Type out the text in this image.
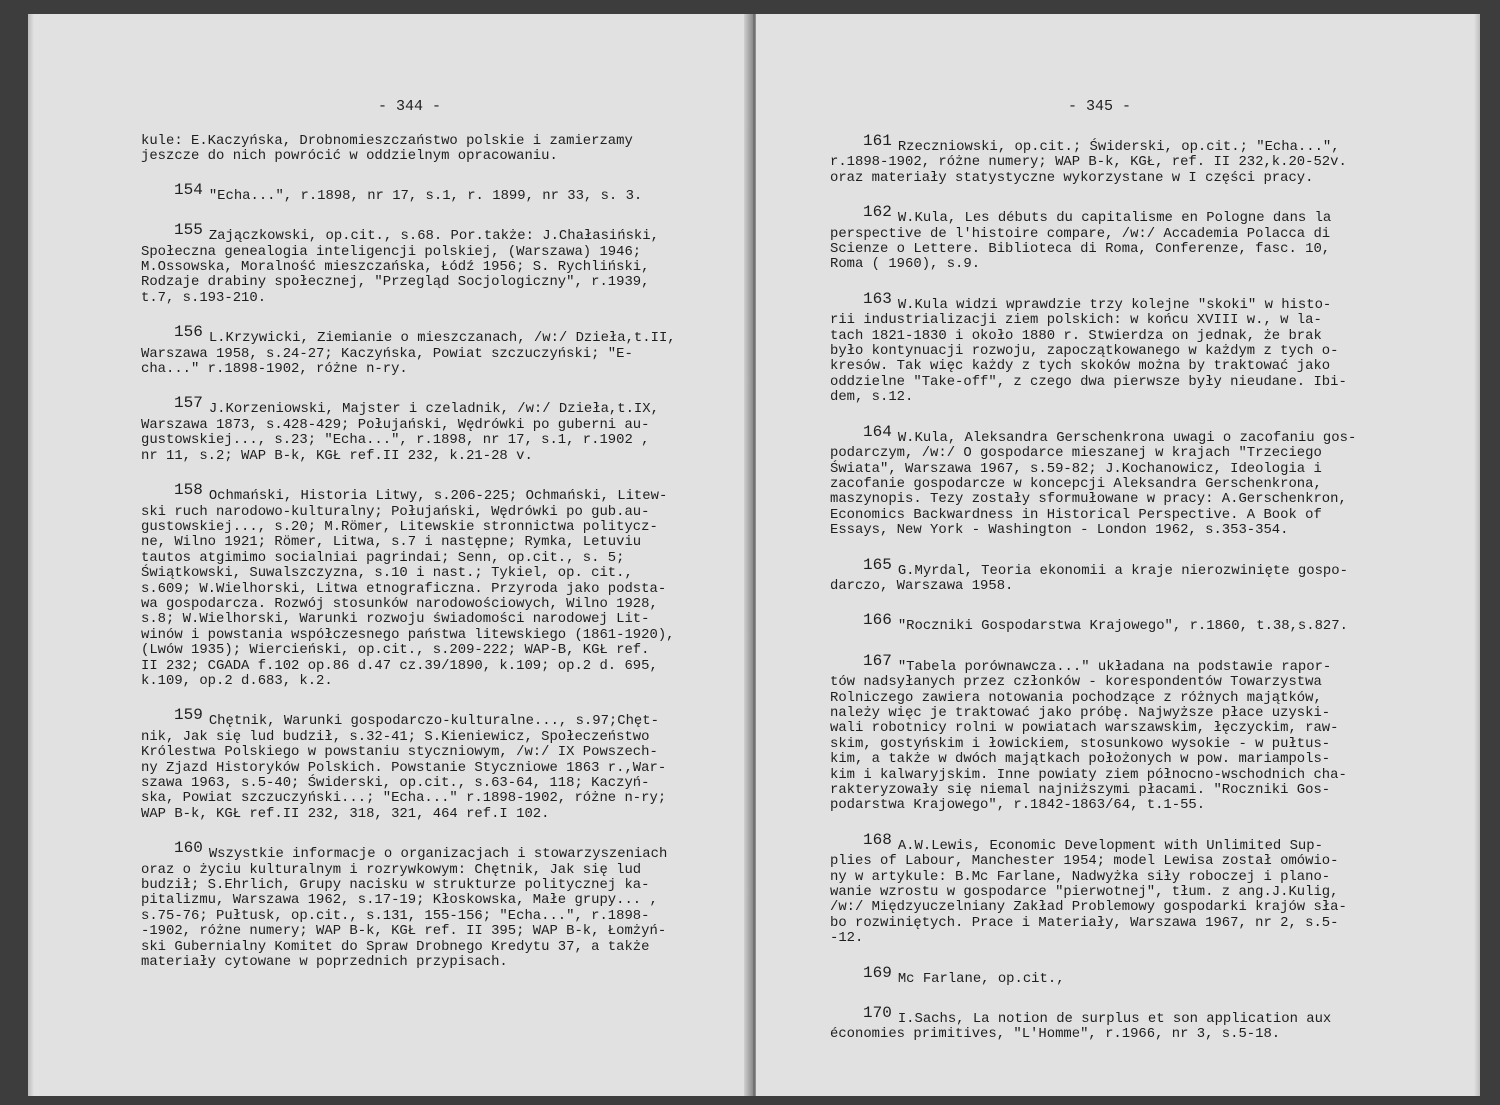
- 344 -
kule: E.Kaczyńska, Drobnomieszczaństwo polskie i zamierzamy
jeszcze do nich powrócić w oddzielnym opracowaniu.
154 "Echa...", r.1898, nr 17, s.1, r. 1899, nr 33, s. 3.
155 Zajączkowski, op.cit., s.68. Por.także: J.Chałasiński,
Społeczna genealogia inteligencji polskiej, (Warszawa) 1946;
M.Ossowska, Moralność mieszczańska, Łódź 1956; S. Rychliński,
Rodzaje drabiny społecznej, "Przegląd Socjologiczny", r.1939,
t.7, s.193-210.
156 L.Krzywicki, Ziemianie o mieszczanach, /w:/ Dzieła,t.II,
Warszawa 1958, s.24-27; Kaczyńska, Powiat szczuczyński; "E-
cha..." r.1898-1902, różne n-ry.
157 J.Korzeniowski, Majster i czeladnik, /w:/ Dzieła,t.IX,
Warszawa 1873, s.428-429; Połujański, Wędrówki po guberni au-
gustowskiej..., s.23; "Echa...", r.1898, nr 17, s.1, r.1902 ,
nr 11, s.2; WAP B-k, KGŁ ref.II 232, k.21-28 v.
158 Ochmański, Historia Litwy, s.206-225; Ochmański, Litew-
ski ruch narodowo-kulturalny; Połujański, Wędrówki po gub.au-
gustowskiej..., s.20; M.Römer, Litewskie stronnictwa politycz-
ne, Wilno 1921; Römer, Litwa, s.7 i następne; Rymka, Letuviu
tautos atgimimo socialniai pagrindai; Senn, op.cit., s. 5;
Świątkowski, Suwalszczyzna, s.10 i nast.; Tykiel, op. cit.,
s.609; W.Wielhorski, Litwa etnograficzna. Przyroda jako podsta-
wa gospodarcza. Rozwój stosunków narodowościowych, Wilno 1928,
s.8; W.Wielhorski, Warunki rozwoju świadomości narodowej Lit-
winów i powstania współczesnego państwa litewskiego (1861-1920),
(Lwów 1935); Wiercieński, op.cit., s.209-222; WAP-B, KGŁ ref.
II 232; CGADA f.102 op.86 d.47 cz.39/1890, k.109; op.2 d. 695,
k.109, op.2 d.683, k.2.
159 Chętnik, Warunki gospodarczo-kulturalne..., s.97;Chęt-
nik, Jak się lud budził, s.32-41; S.Kieniewicz, Społeczeństwo
Królestwa Polskiego w powstaniu styczniowym, /w:/ IX Powszech-
ny Zjazd Historyków Polskich. Powstanie Styczniowe 1863 r.,War-
szawa 1963, s.5-40; Świderski, op.cit., s.63-64, 118; Kaczyń-
ska, Powiat szczuczyński...; "Echa..." r.1898-1902, różne n-ry;
WAP B-k, KGŁ ref.II 232, 318, 321, 464 ref.I 102.
160 Wszystkie informacje o organizacjach i stowarzyszeniach
oraz o życiu kulturalnym i rozrywkowym: Chętnik, Jak się lud
budził; S.Ehrlich, Grupy nacisku w strukturze politycznej ka-
pitalizmu, Warszawa 1962, s.17-19; Kłoskowska, Małe grupy... ,
s.75-76; Pułtusk, op.cit., s.131, 155-156; "Echa...", r.1898-
-1902, różne numery; WAP B-k, KGŁ ref. II 395; WAP B-k, Łomżyń-
ski Gubernialny Komitet do Spraw Drobnego Kredytu 37, a także
materiały cytowane w poprzednich przypisach.
- 345 -
161 Rzeczniowski, op.cit.; Świderski, op.cit.; "Echa...",
r.1898-1902, różne numery; WAP B-k, KGŁ, ref. II 232,k.20-52v.
oraz materiały statystyczne wykorzystane w I części pracy.
162 W.Kula, Les débuts du capitalisme en Pologne dans la
perspective de l'histoire compare, /w:/ Accademia Polacca di
Scienze o Lettere. Biblioteca di Roma, Conferenze, fasc. 10,
Roma ( 1960), s.9.
163 W.Kula widzi wprawdzie trzy kolejne "skoki" w histo-
rii industrializacji ziem polskich: w końcu XVIII w., w la-
tach 1821-1830 i około 1880 r. Stwierdza on jednak, że brak
było kontynuacji rozwoju, zapoczątkowanego w każdym z tych o-
kresów. Tak więc każdy z tych skoków można by traktować jako
oddzielne "Take-off", z czego dwa pierwsze były nieudane. Ibi-
dem, s.12.
164 W.Kula, Aleksandra Gerschenkrona uwagi o zacofaniu gos-
podarczym, /w:/ O gospodarce mieszanej w krajach "Trzeciego
Świata", Warszawa 1967, s.59-82; J.Kochanowicz, Ideologia i
zacofanie gospodarcze w koncepcji Aleksandra Gerschenkrona,
maszynopis. Tezy zostały sformułowane w pracy: A.Gerschenkron,
Economics Backwardness in Historical Perspective. A Book of
Essays, New York - Washington - London 1962, s.353-354.
165 G.Myrdal, Teoria ekonomii a kraje nierozwinięte gospo-
darczo, Warszawa 1958.
166 "Roczniki Gospodarstwa Krajowego", r.1860, t.38,s.827.
167 "Tabela porównawcza..." układana na podstawie rapor-
tów nadsyłanych przez członków - korespondentów Towarzystwa
Rolniczego zawiera notowania pochodzące z różnych majątków,
należy więc je traktować jako próbę. Najwyższe płace uzyski-
wali robotnicy rolni w powiatach warszawskim, łęczyckim, raw-
skim, gostyńskim i łowickiem, stosunkowo wysokie - w pułtus-
kim, a także w dwóch majątkach położonych w pow. mariampols-
kim i kalwaryjskim. Inne powiaty ziem północno-wschodnich cha-
rakteryzowały się niemal najniższymi płacami. "Roczniki Gos-
podarstwa Krajowego", r.1842-1863/64, t.1-55.
168 A.W.Lewis, Economic Development with Unlimited Sup-
plies of Labour, Manchester 1954; model Lewisa został omówio-
ny w artykule: B.Mc Farlane, Nadwyżka siły roboczej i plano-
wanie wzrostu w gospodarce "pierwotnej", tłum. z ang.J.Kulig,
/w:/ Międzyuczelniany Zakład Problemowy gospodarki krajów sła-
bo rozwiniętych. Prace i Materiały, Warszawa 1967, nr 2, s.5-
-12.
169 Mc Farlane, op.cit.,
170 I.Sachs, La notion de surplus et son application aux
économies primitives, "L'Homme", r.1966, nr 3, s.5-18.
